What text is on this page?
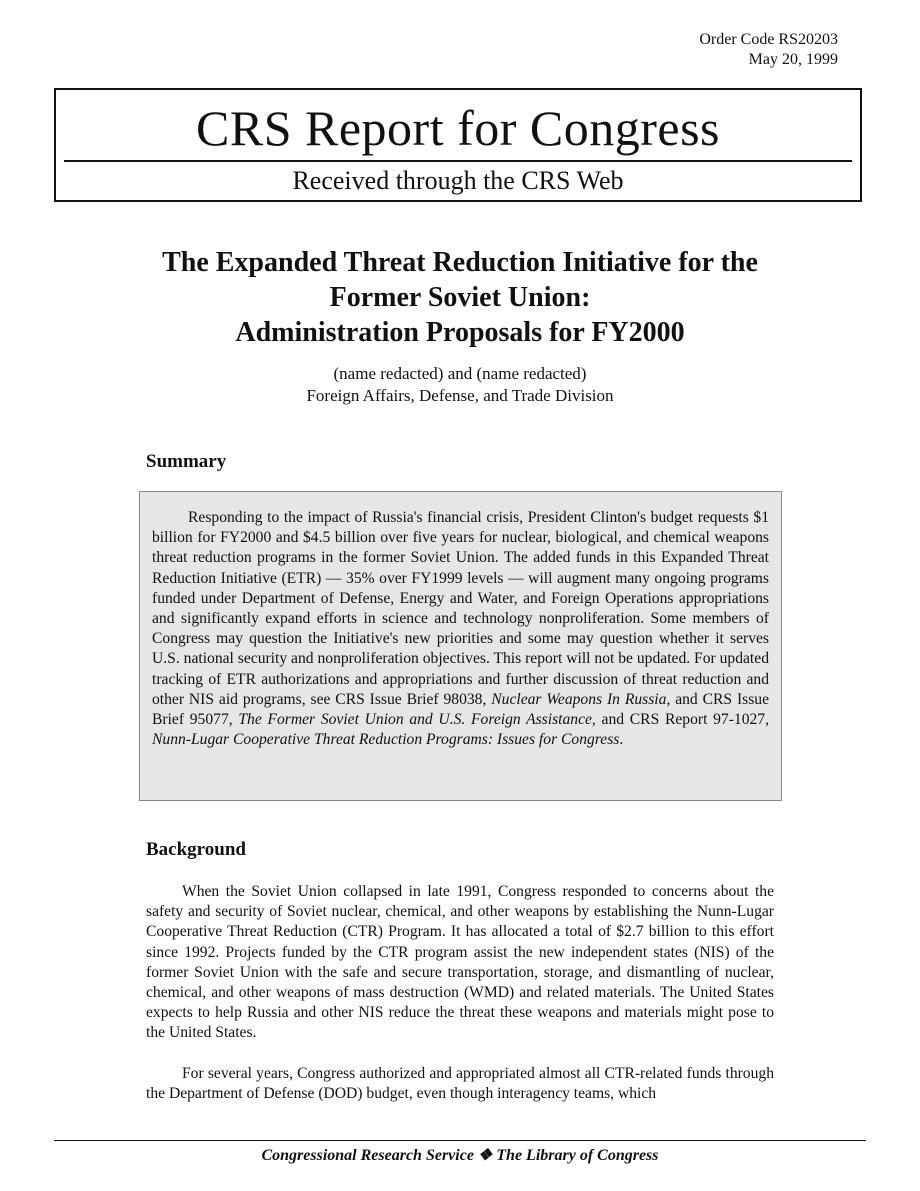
Order Code RS20203
May 20, 1999
CRS Report for Congress
Received through the CRS Web
The Expanded Threat Reduction Initiative for the
Former Soviet Union:
Administration Proposals for FY2000
(name redacted) and (name redacted)
Foreign Affairs, Defense, and Trade Division
Summary

Responding to the impact of Russia's financial crisis, President Clinton's budget requests $1 billion for FY2000 and $4.5 billion over five years for nuclear, biological, and chemical weapons threat reduction programs in the former Soviet Union. The added funds in this Expanded Threat Reduction Initiative (ETR) — 35% over FY1999 levels — will augment many ongoing programs funded under Department of Defense, Energy and Water, and Foreign Operations appropriations and significantly expand efforts in science and technology nonproliferation. Some members of Congress may question the Initiative's new priorities and some may question whether it serves U.S. national security and nonproliferation objectives. This report will not be updated. For updated tracking of ETR authorizations and appropriations and further discussion of threat reduction and other NIS aid programs, see CRS Issue Brief 98038, Nuclear Weapons In Russia, and CRS Issue Brief 95077, The Former Soviet Union and U.S. Foreign Assistance, and CRS Report 97-1027, Nunn-Lugar Cooperative Threat Reduction Programs: Issues for Congress.

Background

When the Soviet Union collapsed in late 1991, Congress responded to concerns about the safety and security of Soviet nuclear, chemical, and other weapons by establishing the Nunn-Lugar Cooperative Threat Reduction (CTR) Program. It has allocated a total of $2.7 billion to this effort since 1992. Projects funded by the CTR program assist the new independent states (NIS) of the former Soviet Union with the safe and secure transportation, storage, and dismantling of nuclear, chemical, and other weapons of mass destruction (WMD) and related materials. The United States expects to help Russia and other NIS reduce the threat these weapons and materials might pose to the United States.

For several years, Congress authorized and appropriated almost all CTR-related funds through the Department of Defense (DOD) budget, even though interagency teams, which

Congressional Research Service ❖ The Library of Congress
